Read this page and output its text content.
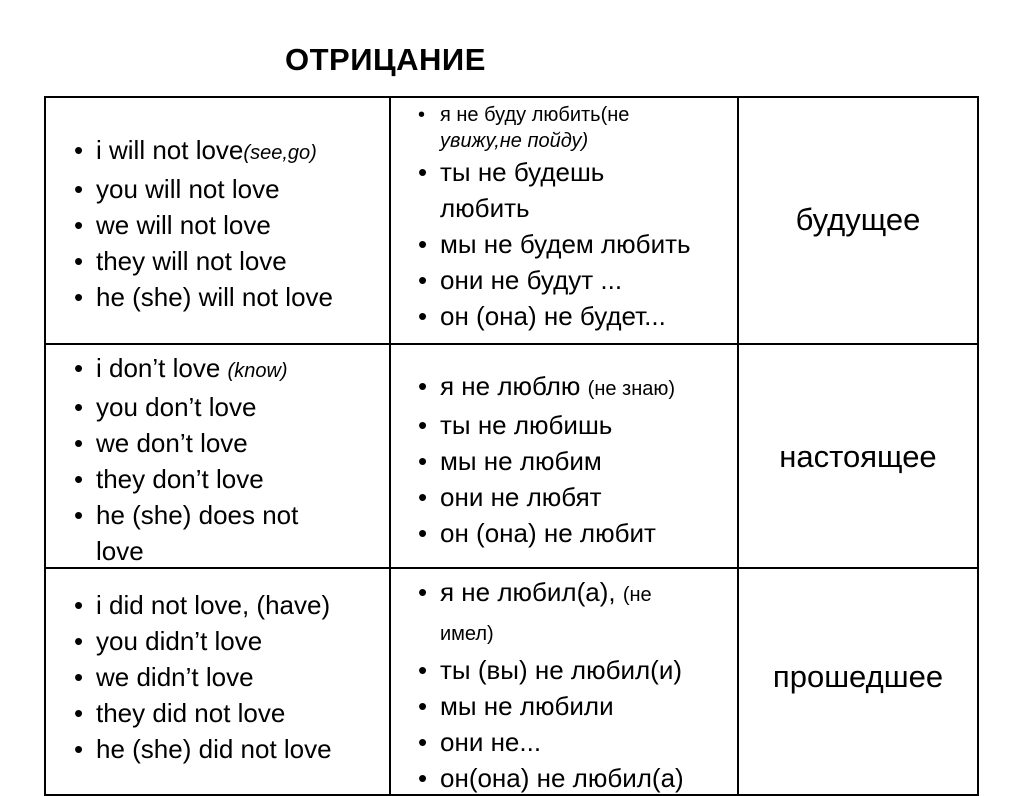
ОТРИЦАНИЕ
• i will not love(see,go)
• you will not love
• we will not love
• they will not love
• he (she) will not love
• я не буду любить(не
увижу,не пойду)
• ты не будешь
любить
• мы не будем любить
• они не будут ...
• он (она) не будет...
будущее
• i don’t love (know)
• you don’t love
• we don’t love
• they don’t love
• he (she) does not
love
• я не люблю (не знаю)
• ты не любишь
• мы не любим
• они не любят
• он (она) не любит
настоящее
• i did not love, (have)
• you didn’t love
• we didn’t love
• they did not love
• he (she) did not love
• я не любил(а), (не
имел)
• ты (вы) не любил(и)
• мы не любили
• они не...
• он(она) не любил(а)
прошедшее
